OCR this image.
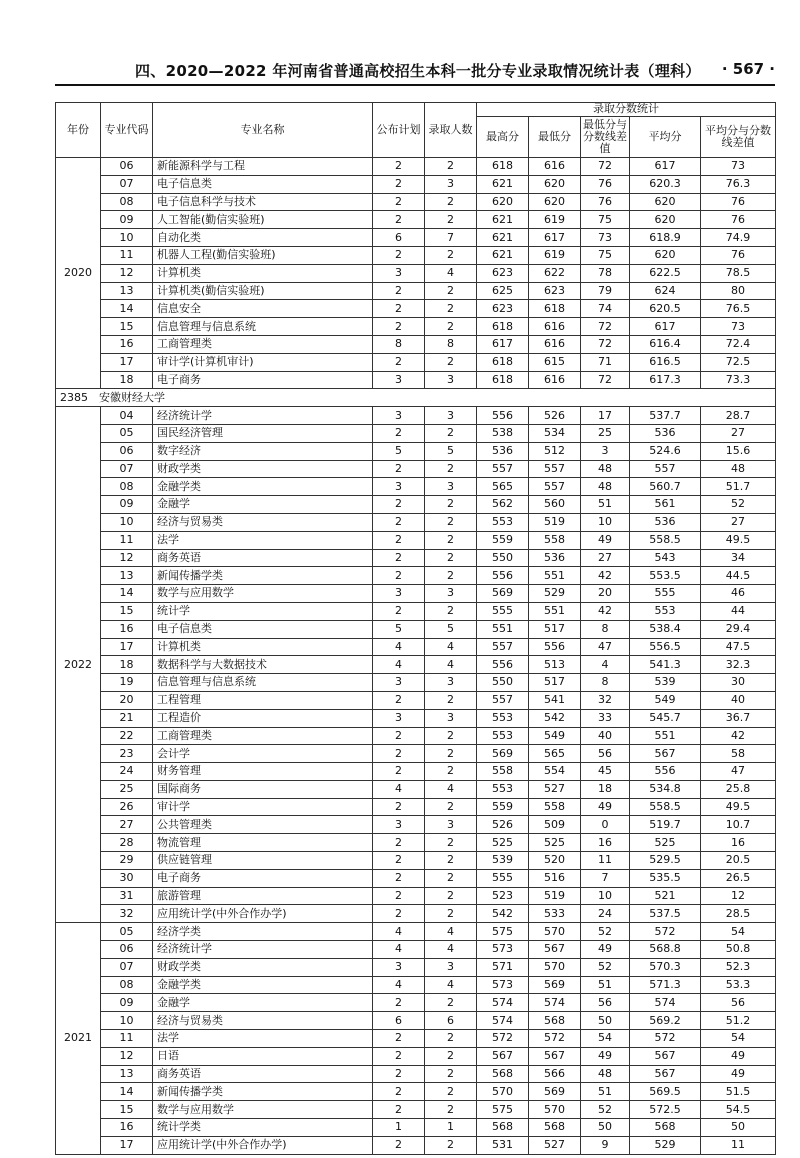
四、2020—2022 年河南省普通高校招生本科一批分专业录取情况统计表（理科） · 567 ·
年份	专业代码	专业名称	公布计划	录取人数	录取分数统计				
					最高分	最低分	最低分与分数线差值	平均分	平均分与分数线差值
2020	06	新能源科学与工程	2	2	618	616	72	617	73
	07	电子信息类	2	3	621	620	76	620.3	76.3
	08	电子信息科学与技术	2	2	620	620	76	620	76
	09	人工智能(勤信实验班)	2	2	621	619	75	620	76
	10	自动化类	6	7	621	617	73	618.9	74.9
	11	机器人工程(勤信实验班)	2	2	621	619	75	620	76
	12	计算机类	3	4	623	622	78	622.5	78.5
	13	计算机类(勤信实验班)	2	2	625	623	79	624	80
	14	信息安全	2	2	623	618	74	620.5	76.5
	15	信息管理与信息系统	2	2	618	616	72	617	73
	16	工商管理类	8	8	617	616	72	616.4	72.4
	17	审计学(计算机审计)	2	2	618	615	71	616.5	72.5
	18	电子商务	3	3	618	616	72	617.3	73.3
2385　安徽财经大学									
2022	04	经济统计学	3	3	556	526	17	537.7	28.7
	05	国民经济管理	2	2	538	534	25	536	27
	06	数字经济	5	5	536	512	3	524.6	15.6
	07	财政学类	2	2	557	557	48	557	48
	08	金融学类	3	3	565	557	48	560.7	51.7
	09	金融学	2	2	562	560	51	561	52
	10	经济与贸易类	2	2	553	519	10	536	27
	11	法学	2	2	559	558	49	558.5	49.5
	12	商务英语	2	2	550	536	27	543	34
	13	新闻传播学类	2	2	556	551	42	553.5	44.5
	14	数学与应用数学	3	3	569	529	20	555	46
	15	统计学	2	2	555	551	42	553	44
	16	电子信息类	5	5	551	517	8	538.4	29.4
	17	计算机类	4	4	557	556	47	556.5	47.5
	18	数据科学与大数据技术	4	4	556	513	4	541.3	32.3
	19	信息管理与信息系统	3	3	550	517	8	539	30
	20	工程管理	2	2	557	541	32	549	40
	21	工程造价	3	3	553	542	33	545.7	36.7
	22	工商管理类	2	2	553	549	40	551	42
	23	会计学	2	2	569	565	56	567	58
	24	财务管理	2	2	558	554	45	556	47
	25	国际商务	4	4	553	527	18	534.8	25.8
	26	审计学	2	2	559	558	49	558.5	49.5
	27	公共管理类	3	3	526	509	0	519.7	10.7
	28	物流管理	2	2	525	525	16	525	16
	29	供应链管理	2	2	539	520	11	529.5	20.5
	30	电子商务	2	2	555	516	7	535.5	26.5
	31	旅游管理	2	2	523	519	10	521	12
	32	应用统计学(中外合作办学)	2	2	542	533	24	537.5	28.5
2021	05	经济学类	4	4	575	570	52	572	54
	06	经济统计学	4	4	573	567	49	568.8	50.8
	07	财政学类	3	3	571	570	52	570.3	52.3
	08	金融学类	4	4	573	569	51	571.3	53.3
	09	金融学	2	2	574	574	56	574	56
	10	经济与贸易类	6	6	574	568	50	569.2	51.2
	11	法学	2	2	572	572	54	572	54
	12	日语	2	2	567	567	49	567	49
	13	商务英语	2	2	568	566	48	567	49
	14	新闻传播学类	2	2	570	569	51	569.5	51.5
	15	数学与应用数学	2	2	575	570	52	572.5	54.5
	16	统计学类	1	1	568	568	50	568	50
	17	应用统计学(中外合作办学)	2	2	531	527	9	529	11
